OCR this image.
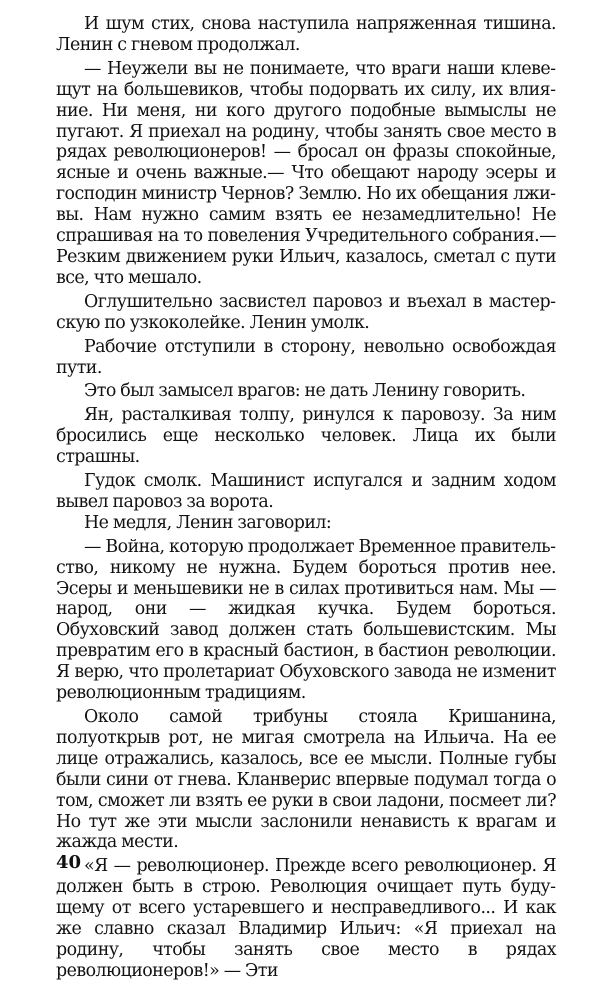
И шум стих, снова наступила напряженная тишина. Ленин с гневом продолжал.

— Неужели вы не понимаете, что враги наши клевещут на большевиков, чтобы подорвать их силу, их влияние. Ни меня, ни кого другого подобные вымыслы не пугают. Я приехал на родину, чтобы занять свое место в рядах революционеров! — бросал он фразы спокойные, ясные и очень важные.— Что обещают народу эсеры и господин министр Чернов? Землю. Но их обещания лживы. Нам нужно самим взять ее незамедлительно! Не спрашивая на то повеления Учредительного собрания.— Резким движением руки Ильич, казалось, сметал с пути все, что мешало.

Оглушительно засвистел паровоз и въехал в мастерскую по узкоколейке. Ленин умолк.

Рабочие отступили в сторону, невольно освобождая пути.

Это был замысел врагов: не дать Ленину говорить.

Ян, расталкивая толпу, ринулся к паровозу. За ним бросились еще несколько человек. Лица их были страшны.

Гудок смолк. Машинист испугался и задним ходом вывел паровоз за ворота.

Не медля, Ленин заговорил:

— Война, которую продолжает Временное правительство, никому не нужна. Будем бороться против нее. Эсеры и меньшевики не в силах противиться нам. Мы — народ, они — жидкая кучка. Будем бороться. Обуховский завод должен стать большевистским. Мы превратим его в красный бастион, в бастион революции. Я верю, что пролетариат Обуховского завода не изменит революционным традициям.

Около самой трибуны стояла Кришанина, полуоткрыв рот, не мигая смотрела на Ильича. На ее лице отражались, казалось, все ее мысли. Полные губы были сини от гнева. Кланверис впервые подумал тогда о том, сможет ли взять ее руки в свои ладони, посмеет ли? Но тут же эти мысли заслонили ненависть к врагам и жажда мести.

«Я — революционер. Прежде всего революционер. Я должен быть в строю. Революция очищает путь будущему от всего устаревшего и несправедливого... И как же славно сказал Владимир Ильич: «Я приехал на родину, чтобы занять свое место в рядах революционеров!» — Эти

40
